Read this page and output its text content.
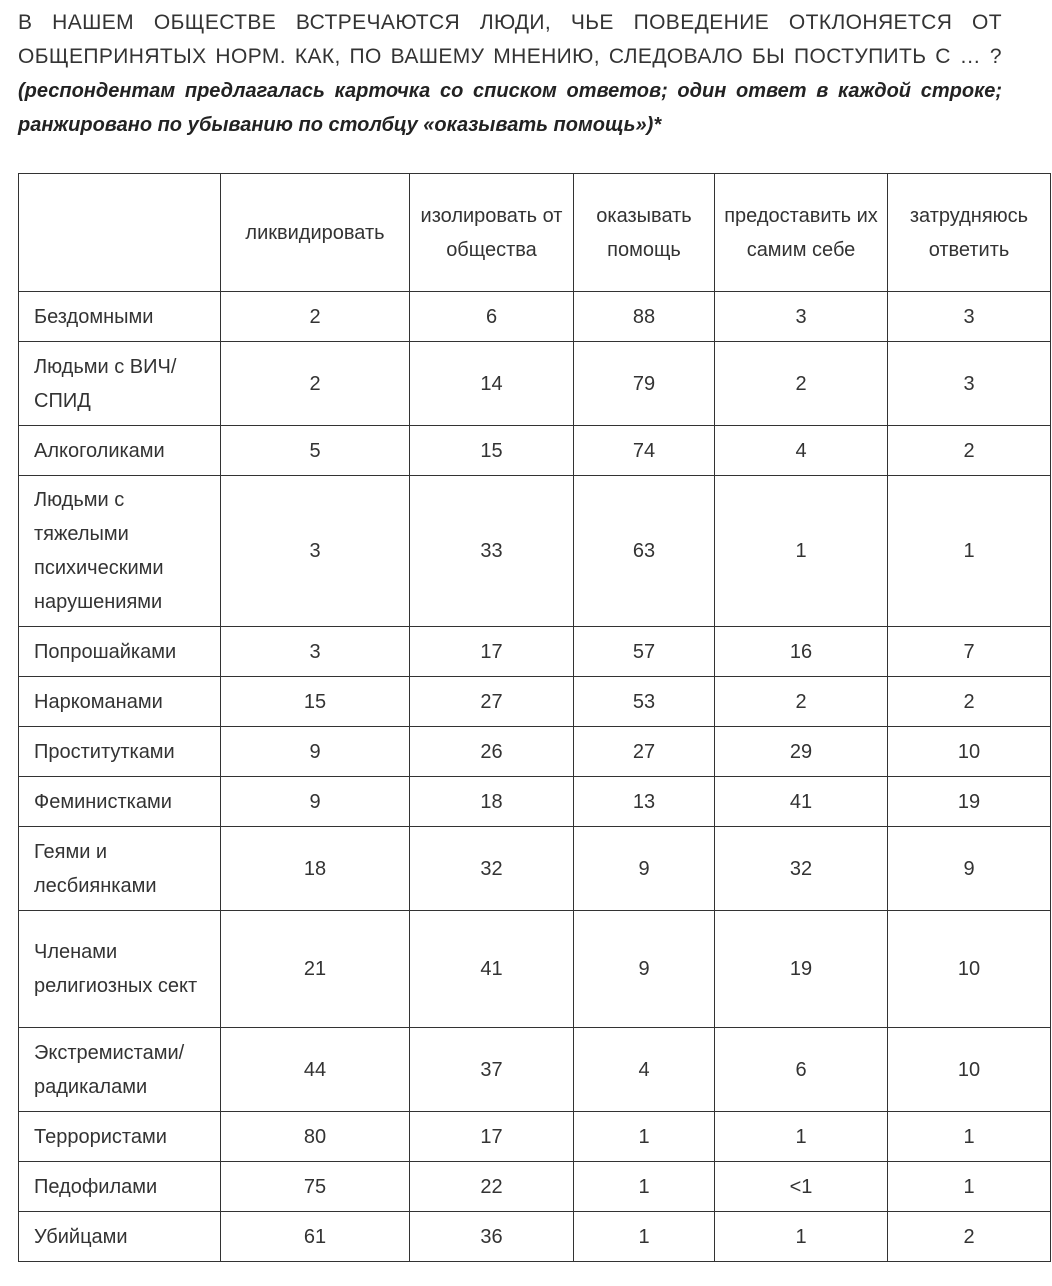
В НАШЕМ ОБЩЕСТВЕ ВСТРЕЧАЮТСЯ ЛЮДИ, ЧЬЕ ПОВЕДЕНИЕ ОТКЛОНЯЕТСЯ ОТ
ОБЩЕПРИНЯТЫХ НОРМ. КАК, ПО ВАШЕМУ МНЕНИЮ, СЛЕДОВАЛО БЫ ПОСТУПИТЬ С … ?

(респондентам предлагалась карточка со списком ответов; один ответ в каждой строке; ранжировано по убыванию по столбцу «оказывать помощь»)*

	ликвидировать	изолировать от общества	оказывать помощь	предоставить их самим себе	затрудняюсь ответить
Бездомными	2	6	88	3	3
Людьми с ВИЧ/ СПИД	2	14	79	2	3
Алкоголиками	5	15	74	4	2
Людьми с тяжелыми психическими нарушениями	3	33	63	1	1
Попрошайками	3	17	57	16	7
Наркоманами	15	27	53	2	2
Проститутками	9	26	27	29	10
Феминистками	9	18	13	41	19
Геями и лесбиянками	18	32	9	32	9
Членами религиозных сект	21	41	9	19	10
Экстремистами/ радикалами	44	37	4	6	10
Террористами	80	17	1	1	1
Педофилами	75	22	1	<1	1
Убийцами	61	36	1	1	2
